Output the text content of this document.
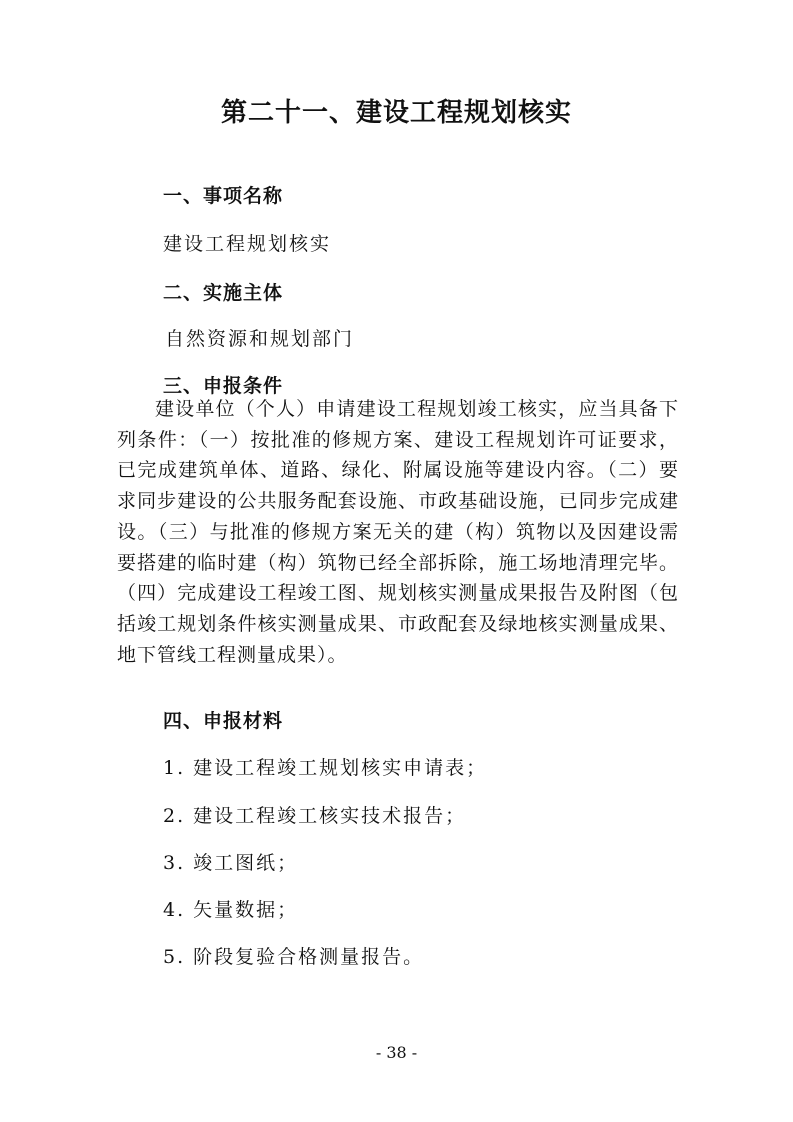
第二十一、建设工程规划核实
一、事项名称
建设工程规划核实
二、实施主体
自然资源和规划部门
三、申报条件
建设单位（个人）申请建设工程规划竣工核实，应当具备下列条件：（一）按批准的修规方案、建设工程规划许可证要求，已完成建筑单体、道路、绿化、附属设施等建设内容。（二）要求同步建设的公共服务配套设施、市政基础设施，已同步完成建设。（三）与批准的修规方案无关的建（构）筑物以及因建设需要搭建的临时建（构）筑物已经全部拆除，施工场地清理完毕。（四）完成建设工程竣工图、规划核实测量成果报告及附图（包括竣工规划条件核实测量成果、市政配套及绿地核实测量成果、地下管线工程测量成果）。
四、申报材料
1. 建设工程竣工规划核实申请表；
2. 建设工程竣工核实技术报告；
3. 竣工图纸；
4. 矢量数据；
5. 阶段复验合格测量报告。
- 38 -
